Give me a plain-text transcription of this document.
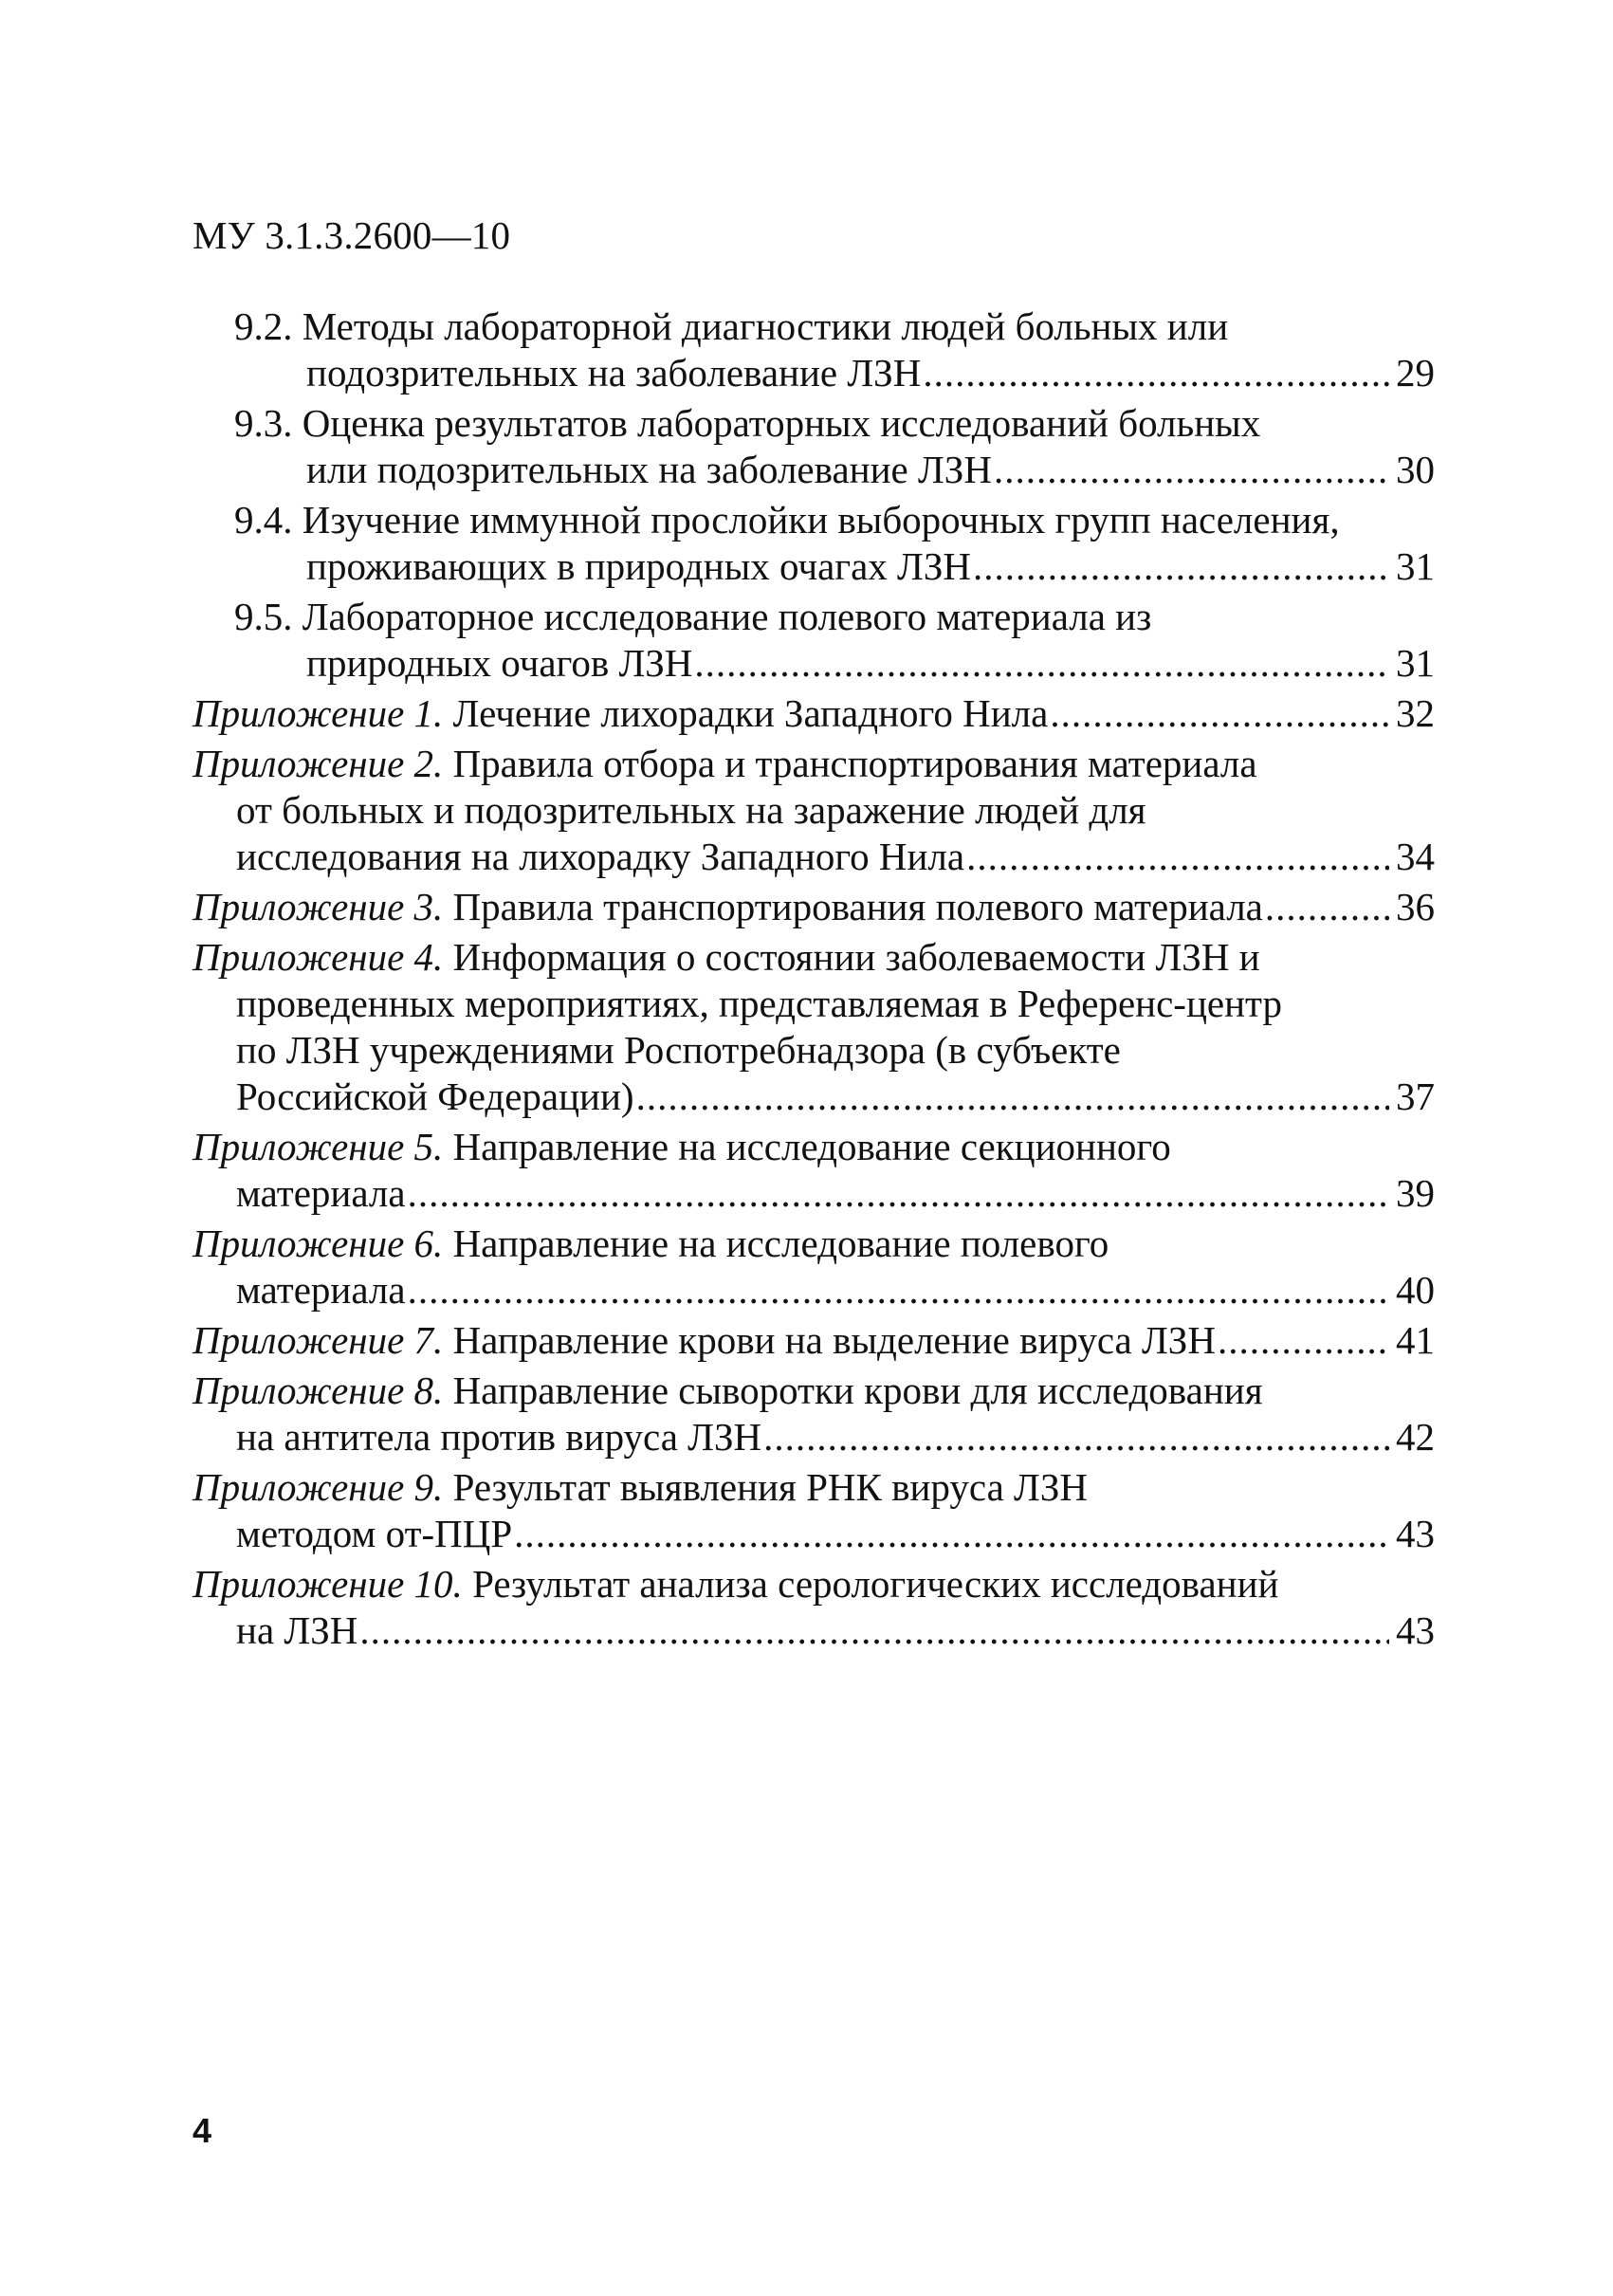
МУ 3.1.3.2600—10
9.2. Методы лабораторной диагностики людей больных или
подозрительных на заболевание ЛЗН .....	29
9.3. Оценка результатов лабораторных исследований больных
или подозрительных на заболевание ЛЗН .....	30
9.4. Изучение иммунной прослойки выборочных групп населения,
проживающих в природных очагах ЛЗН .....	31
9.5. Лабораторное исследование полевого материала из
природных очагов ЛЗН .....	31
Приложение 1. Лечение лихорадки Западного Нила .....	32
Приложение 2. Правила отбора и транспортирования материала
от больных и подозрительных на заражение людей для
исследования на лихорадку Западного Нила .....	34
Приложение 3. Правила транспортирования полевого материала .....	36
Приложение 4. Информация о состоянии заболеваемости ЛЗН и
проведенных мероприятиях, представляемая в Референс-центр
по ЛЗН учреждениями Роспотребнадзора (в субъекте
Российской Федерации) .....	37
Приложение 5. Направление на исследование секционного
материала .....	39
Приложение 6. Направление на исследование полевого
материала .....	40
Приложение 7. Направление крови на выделение вируса ЛЗН .....	41
Приложение 8. Направление сыворотки крови для исследования
на антитела против вируса ЛЗН .....	42
Приложение 9. Результат выявления РНК вируса ЛЗН
методом от-ПЦР .....	43
Приложение 10. Результат анализа серологических исследований
на ЛЗН .....	43
4
